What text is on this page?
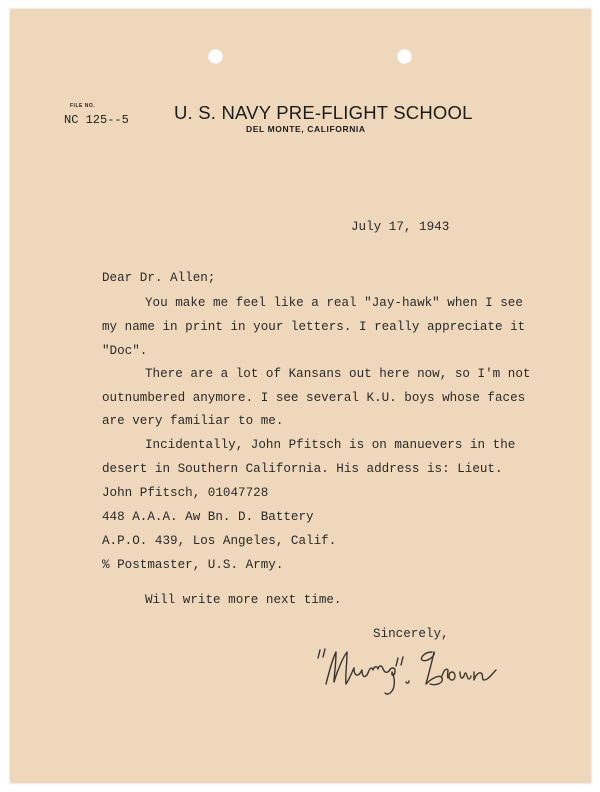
FILE NO.
NC 125--5 U. S. NAVY PRE-FLIGHT SCHOOL
DEL MONTE, CALIFORNIA
July 17, 1943
Dear Dr. Allen;
You make me feel like a real "Jay-hawk" when I see
my name in print in your letters. I really appreciate it
"Doc".
There are a lot of Kansans out here now, so I'm not
outnumbered anymore. I see several K.U. boys whose faces
are very familiar to me.
Incidentally, John Pfitsch is on manuevers in the
desert in Southern California. His address is: Lieut.
John Pfitsch, 01047728
448 A.A.A. Aw Bn. D. Battery
A.P.O. 439, Los Angeles, Calif.
% Postmaster, U.S. Army.
Will write more next time.
Sincerely,
